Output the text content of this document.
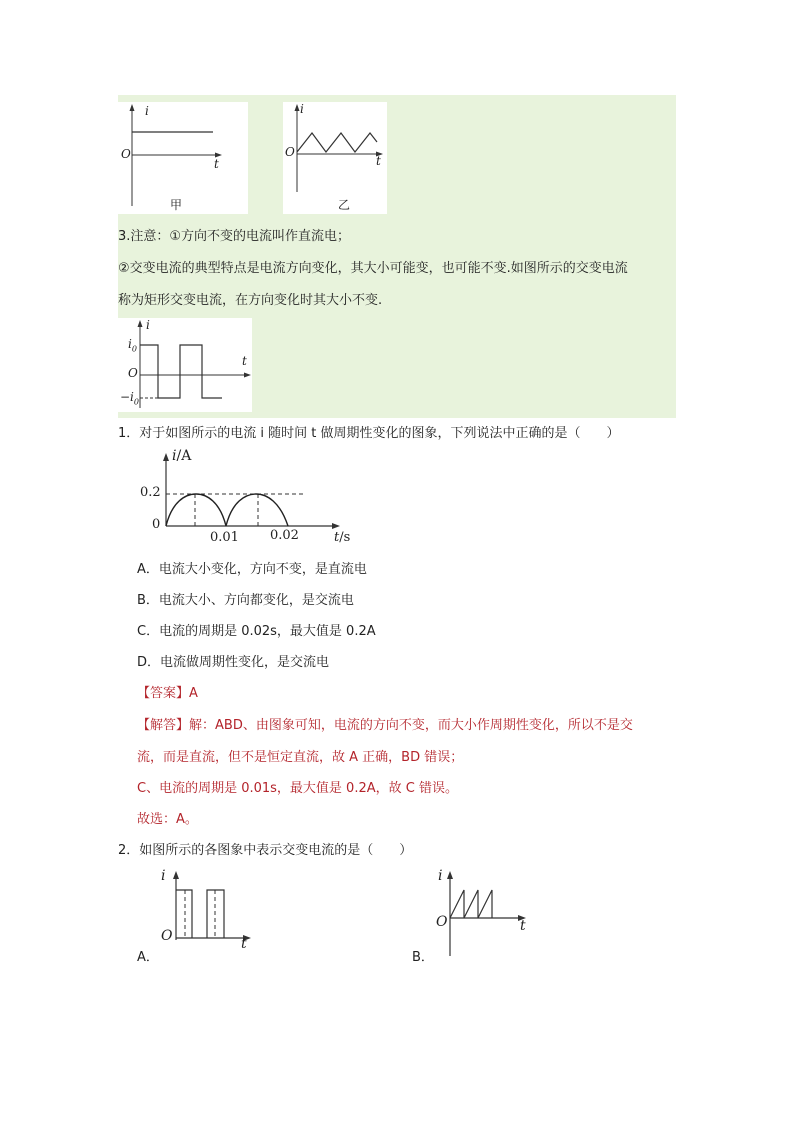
i
O
t
甲
i
O
t
乙
3.注意：①方向不变的电流叫作直流电；
②交变电流的典型特点是电流方向变化，其大小可能变，也可能不变.如图所示的交变电流
称为矩形交变电流，在方向变化时其大小不变.
i
$i_0$
O
$-i_0$
t
1．对于如图所示的电流 i 随时间 t 做周期性变化的图象，下列说法中正确的是（　　）
i/A
0.2
0
0.01 0.02	t/s
A．电流大小变化，方向不变，是直流电
B．电流大小、方向都变化，是交流电
C．电流的周期是 0.02s，最大值是 0.2A
D．电流做周期性变化，是交流电
【答案】A
【解答】解：ABD、由图象可知，电流的方向不变，而大小作周期性变化，所以不是交
流，而是直流，但不是恒定直流，故 A 正确，BD 错误；
C、电流的周期是 0.01s，最大值是 0.2A，故 C 错误。
故选：A。
2．如图所示的各图象中表示交变电流的是（　　）
i
O	t
A．
i
O	t
B．
